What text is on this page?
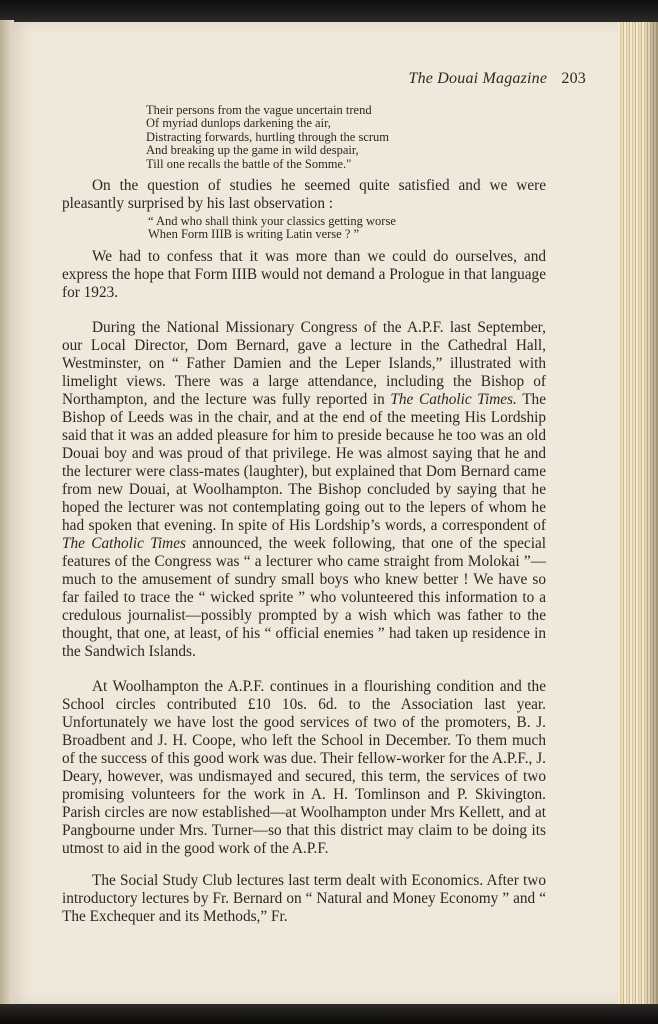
The Douai Magazine 203
Their persons from the vague uncertain trend
Of myriad dunlops darkening the air,
Distracting forwards, hurtling through the scrum
And breaking up the game in wild despair,
Till one recalls the battle of the Somme."

On the question of studies he seemed quite satisfied and we were pleasantly surprised by his last observation :

“ And who shall think your classics getting worse
When Form IIIB is writing Latin verse ? ”

We had to confess that it was more than we could do ourselves, and express the hope that Form IIIB would not demand a Prologue in that language for 1923.

During the National Missionary Congress of the A.P.F. last September, our Local Director, Dom Bernard, gave a lecture in the Cathedral Hall, Westminster, on “ Father Damien and the Leper Islands,” illustrated with limelight views. There was a large attendance, including the Bishop of Northampton, and the lecture was fully reported in The Catholic Times. The Bishop of Leeds was in the chair, and at the end of the meeting His Lordship said that it was an added pleasure for him to preside because he too was an old Douai boy and was proud of that privilege. He was almost saying that he and the lecturer were class-mates (laughter), but explained that Dom Bernard came from new Douai, at Woolhampton. The Bishop concluded by saying that he hoped the lecturer was not contemplating going out to the lepers of whom he had spoken that evening. In spite of His Lordship’s words, a correspondent of The Catholic Times announced, the week following, that one of the special features of the Congress was “ a lecturer who came straight from Molokai ”—much to the amusement of sundry small boys who knew better ! We have so far failed to trace the “ wicked sprite ” who volunteered this information to a credulous journalist—possibly prompted by a wish which was father to the thought, that one, at least, of his “ official enemies ” had taken up residence in the Sandwich Islands.

At Woolhampton the A.P.F. continues in a flourishing condition and the School circles contributed £10 10s. 6d. to the Association last year. Unfortunately we have lost the good services of two of the promoters, B. J. Broadbent and J. H. Coope, who left the School in December. To them much of the success of this good work was due. Their fellow-worker for the A.P.F., J. Deary, however, was undismayed and secured, this term, the services of two promising volunteers for the work in A. H. Tomlinson and P. Skivington. Parish circles are now established—at Woolhampton under Mrs Kellett, and at Pangbourne under Mrs. Turner—so that this district may claim to be doing its utmost to aid in the good work of the A.P.F.

The Social Study Club lectures last term dealt with Economics. After two introductory lectures by Fr. Bernard on “ Natural and Money Economy ” and “ The Exchequer and its Methods,” Fr.
